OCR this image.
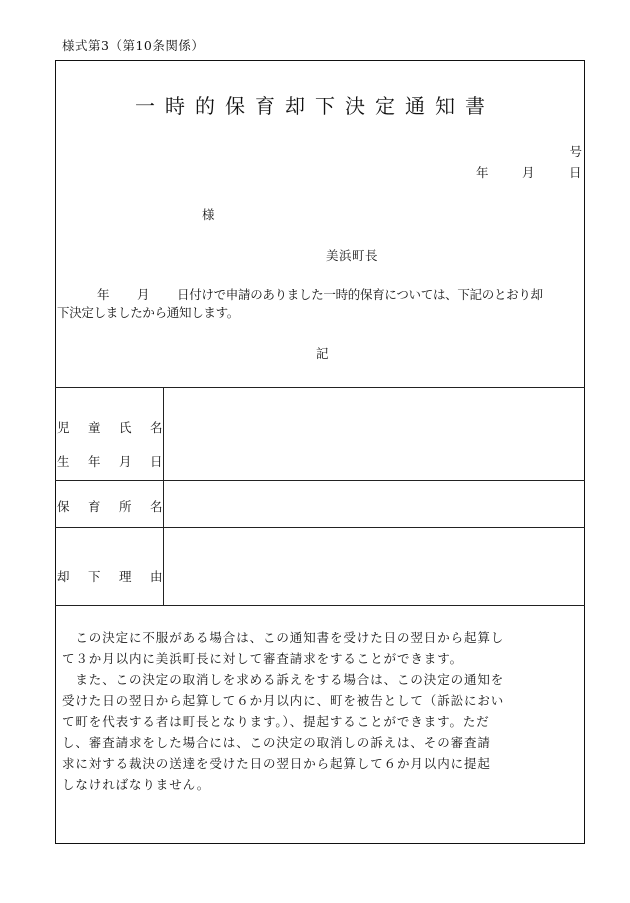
様式第3（第10条関係）
一時的保育却下決定通知書
号
年	月	日
様
美浜町長
年 月 日付けで申請のありました一時的保育については、下記のとおり却
下決定しましたから通知します。
記
児 童 氏 名
生 年 月 日
保 育 所 名
却 下 理 由
　この決定に不服がある場合は、この通知書を受けた日の翌日から起算し
て３か月以内に美浜町長に対して審査請求をすることができます。
　また、この決定の取消しを求める訴えをする場合は、この決定の通知を
受けた日の翌日から起算して６か月以内に、町を被告として（訴訟におい
て町を代表する者は町長となります。）、提起することができます。ただ
し、審査請求をした場合には、この決定の取消しの訴えは、その審査請
求に対する裁決の送達を受けた日の翌日から起算して６か月以内に提起
しなければなりません。
